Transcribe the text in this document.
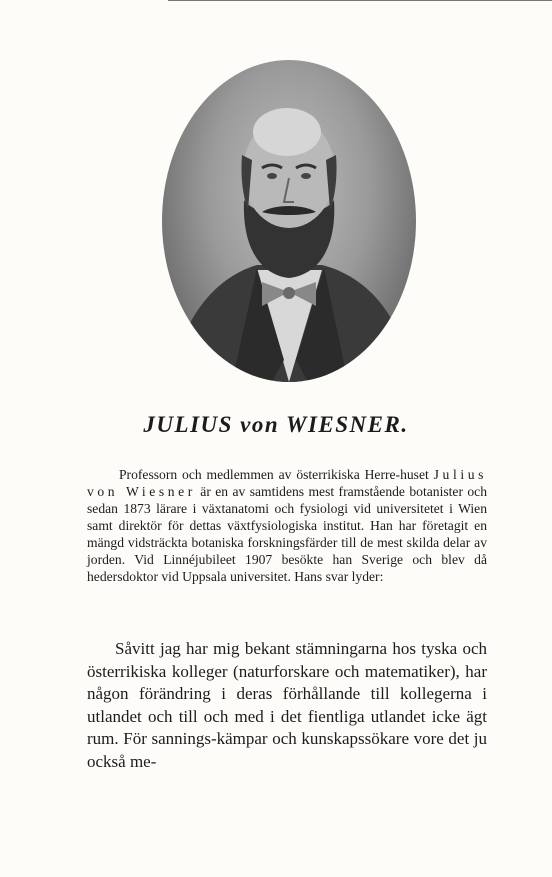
JULIUS von WIESNER.

Professorn och medlemmen av österrikiska Herre-huset Julius von Wiesner är en av samtidens mest framstående botanister och sedan 1873 lärare i växtanatomi och fysiologi vid universitetet i Wien samt direktör för dettas växtfysiologiska institut. Han har företagit en mängd vidsträckta botaniska forskningsfärder till de mest skilda delar av jorden. Vid Linnéjubileet 1907 besökte han Sverige och blev då hedersdoktor vid Uppsala universitet. Hans svar lyder:

Såvitt jag har mig bekant stämningarna hos tyska och österrikiska kolleger (naturforskare och matematiker), har någon förändring i deras förhållande till kollegerna i utlandet och till och med i det fientliga utlandet icke ägt rum. För sannings-kämpar och kunskapssökare vore det ju också me-
